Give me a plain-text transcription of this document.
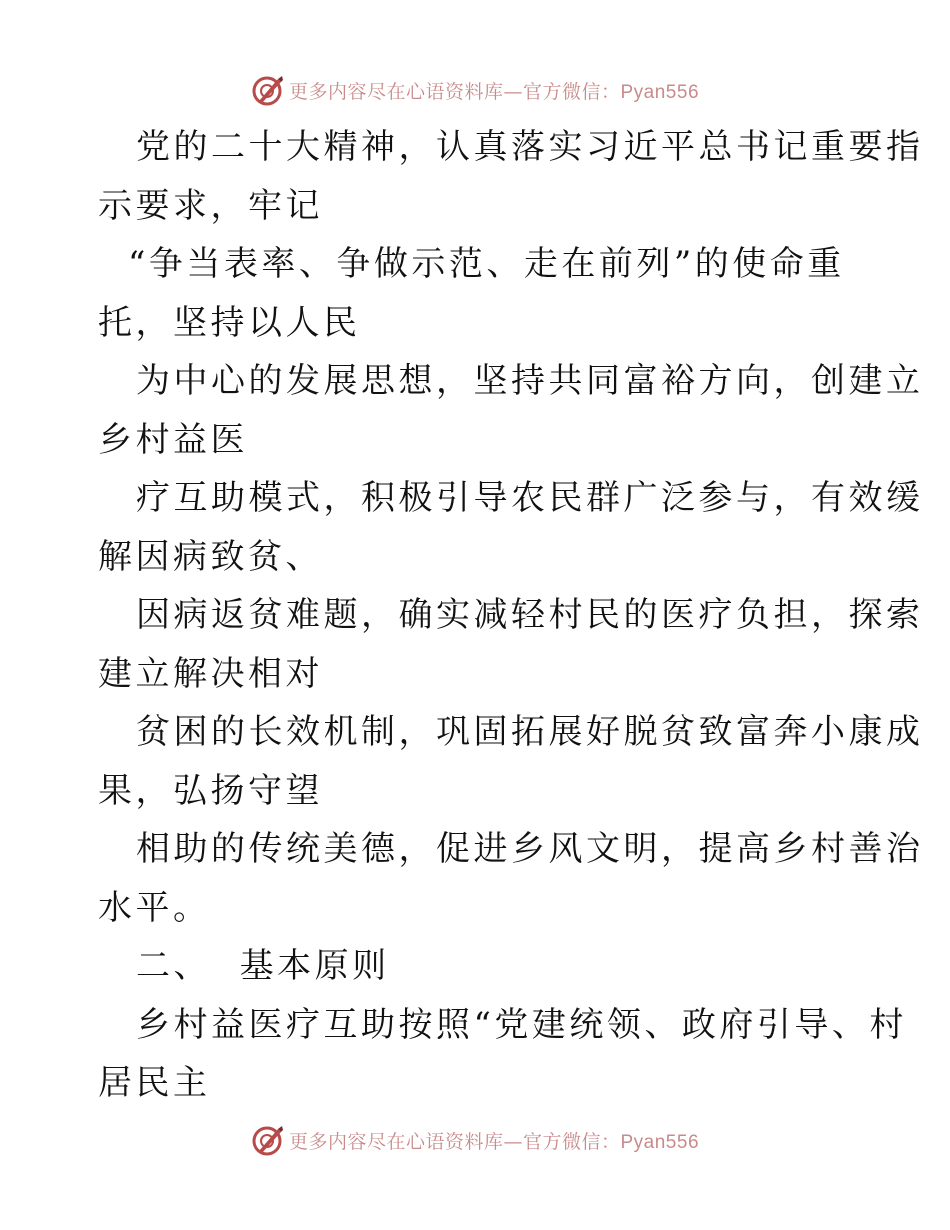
更多内容尽在心语资料库—官方微信：Pyan556
党的二十大精神，认真落实习近平总书记重要指
示要求，牢记
“争当表率、争做示范、走在前列”的使命重
托，坚持以人民
为中心的发展思想，坚持共同富裕方向，创建立
乡村益医
疗互助模式，积极引导农民群广泛参与，有效缓
解因病致贫、
因病返贫难题，确实减轻村民的医疗负担，探索
建立解决相对
贫困的长效机制，巩固拓展好脱贫致富奔小康成
果，弘扬守望
相助的传统美德，促进乡风文明，提高乡村善治
水平。
二、  基本原则
乡村益医疗互助按照“党建统领、政府引导、村
居民主
更多内容尽在心语资料库—官方微信：Pyan556
